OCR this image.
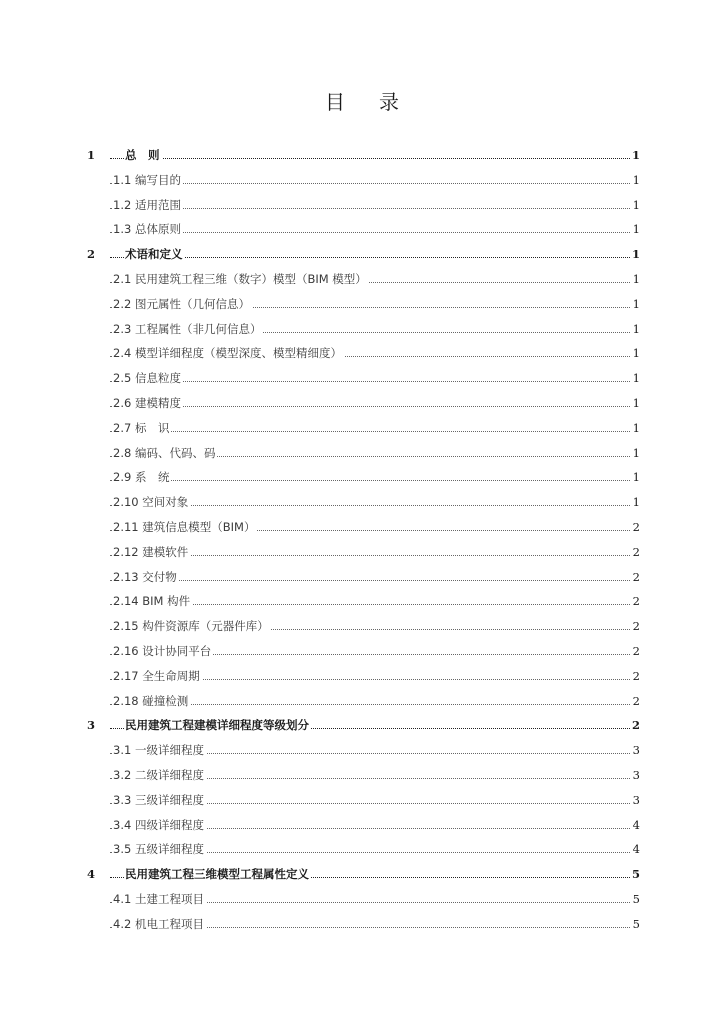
目 录
1	总　则	1
1.1 编写目的	1
1.2 适用范围	1
1.3 总体原则	1
2	术语和定义	1
2.1 民用建筑工程三维（数字）模型（BIM 模型）	1
2.2 图元属性（几何信息）	1
2.3 工程属性（非几何信息）	1
2.4 模型详细程度（模型深度、模型精细度）	1
2.5 信息粒度	1
2.6 建模精度	1
2.7 标　识	1
2.8 编码、代码、码	1
2.9 系　统	1
2.10 空间对象	1
2.11 建筑信息模型（BIM）	2
2.12 建模软件	2
2.13 交付物	2
2.14 BIM 构件	2
2.15 构件资源库（元器件库）	2
2.16 设计协同平台	2
2.17 全生命周期	2
2.18 碰撞检测	2
3	民用建筑工程建模详细程度等级划分	2
3.1 一级详细程度	3
3.2 二级详细程度	3
3.3 三级详细程度	3
3.4 四级详细程度	4
3.5 五级详细程度	4
4	民用建筑工程三维模型工程属性定义	5
4.1 土建工程项目	5
4.2 机电工程项目	5
